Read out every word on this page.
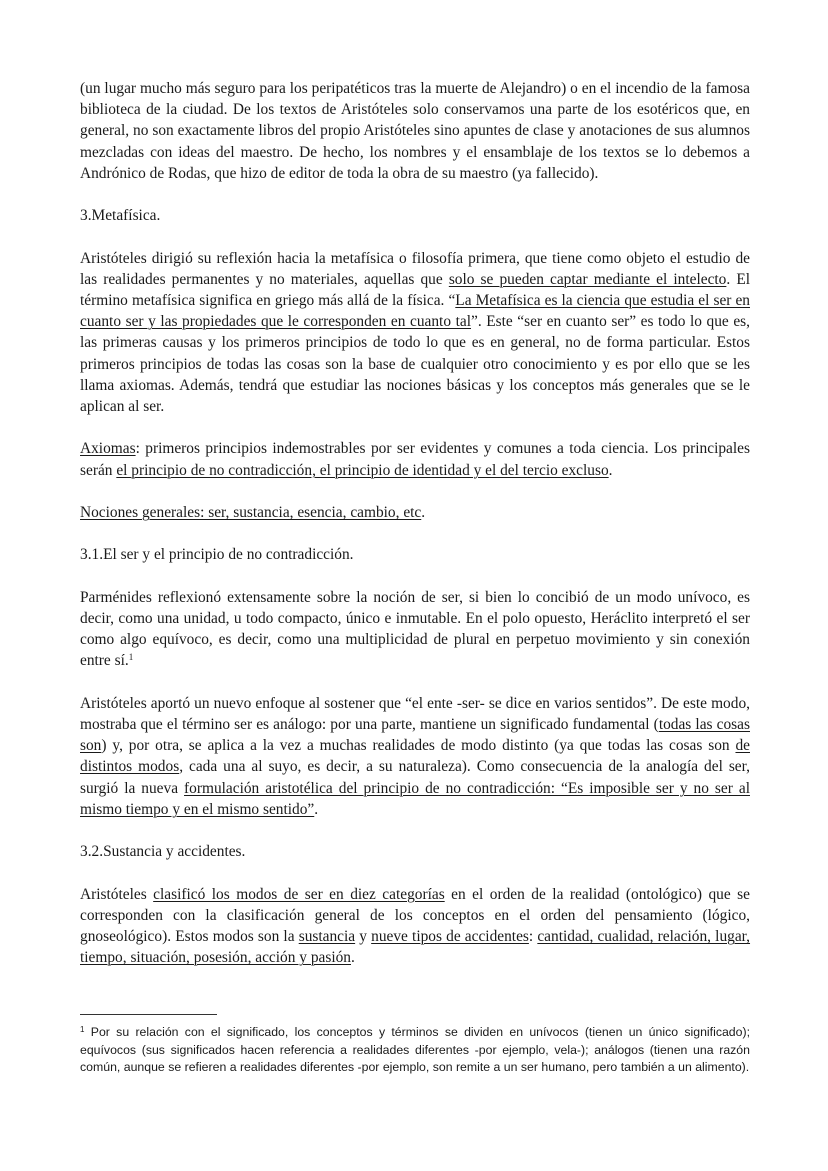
(un lugar mucho más seguro para los peripatéticos tras la muerte de Alejandro) o en el incendio de la famosa biblioteca de la ciudad. De los textos de Aristóteles solo conservamos una parte de los esotéricos que, en general, no son exactamente libros del propio Aristóteles sino apuntes de clase y anotaciones de sus alumnos mezcladas con ideas del maestro. De hecho, los nombres y el ensamblaje de los textos se lo debemos a Andrónico de Rodas, que hizo de editor de toda la obra de su maestro (ya fallecido).

3.Metafísica.

Aristóteles dirigió su reflexión hacia la metafísica o filosofía primera, que tiene como objeto el estudio de las realidades permanentes y no materiales, aquellas que solo se pueden captar mediante el intelecto. El término metafísica significa en griego más allá de la física. “La Metafísica es la ciencia que estudia el ser en cuanto ser y las propiedades que le corresponden en cuanto tal”. Este “ser en cuanto ser” es todo lo que es, las primeras causas y los primeros principios de todo lo que es en general, no de forma particular. Estos primeros principios de todas las cosas son la base de cualquier otro conocimiento y es por ello que se les llama axiomas. Además, tendrá que estudiar las nociones básicas y los conceptos más generales que se le aplican al ser.

Axiomas: primeros principios indemostrables por ser evidentes y comunes a toda ciencia. Los principales serán el principio de no contradicción, el principio de identidad y el del tercio excluso.

Nociones generales: ser, sustancia, esencia, cambio, etc.

3.1.El ser y el principio de no contradicción.

Parménides reflexionó extensamente sobre la noción de ser, si bien lo concibió de un modo unívoco, es decir, como una unidad, u todo compacto, único e inmutable. En el polo opuesto, Heráclito interpretó el ser como algo equívoco, es decir, como una multiplicidad de plural en perpetuo movimiento y sin conexión entre sí.$^1$

Aristóteles aportó un nuevo enfoque al sostener que “el ente -ser- se dice en varios sentidos”. De este modo, mostraba que el término ser es análogo: por una parte, mantiene un significado fundamental (todas las cosas son) y, por otra, se aplica a la vez a muchas realidades de modo distinto (ya que todas las cosas son de distintos modos, cada una al suyo, es decir, a su naturaleza). Como consecuencia de la analogía del ser, surgió la nueva formulación aristotélica del principio de no contradicción: “Es imposible ser y no ser al mismo tiempo y en el mismo sentido”.

3.2.Sustancia y accidentes.

Aristóteles clasificó los modos de ser en diez categorías en el orden de la realidad (ontológico) que se corresponden con la clasificación general de los conceptos en el orden del pensamiento (lógico, gnoseológico). Estos modos son la sustancia y nueve tipos de accidentes: cantidad, cualidad, relación, lugar, tiempo, situación, posesión, acción y pasión.

$^1$ Por su relación con el significado, los conceptos y términos se dividen en unívocos (tienen un único significado); equívocos (sus significados hacen referencia a realidades diferentes -por ejemplo, vela-); análogos (tienen una razón común, aunque se refieren a realidades diferentes -por ejemplo, son remite a un ser humano, pero también a un alimento).
